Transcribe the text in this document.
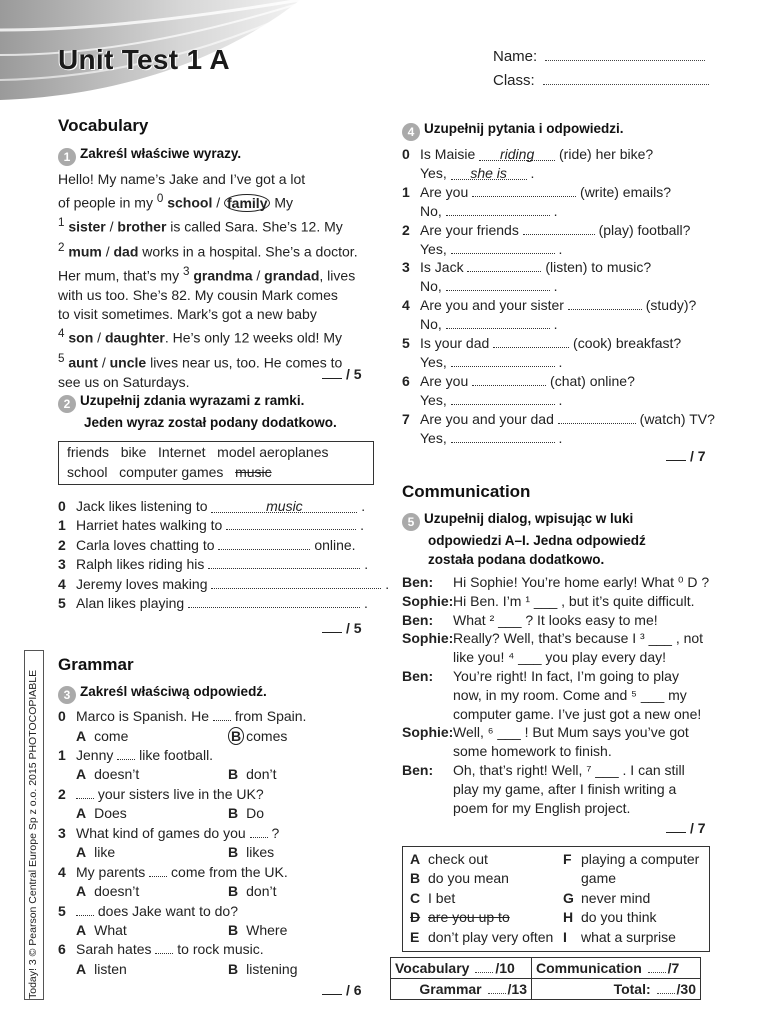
Unit Test 1 A	Name:
Class:
Vocabulary
1 Zakreśl właściwe wyrazy.
Hello! My name’s Jake and I’ve got a lot
of people in my $^0$ school / family My
$^1$ sister / brother is called Sara. She’s 12. My
$^2$ mum / dad works in a hospital. She’s a doctor.
Her mum, that’s my $^3$ grandma / grandad, lives
with us too. She’s 82. My cousin Mark comes
to visit sometimes. Mark’s got a new baby
$^4$ son / daughter. He’s only 12 weeks old! My
$^5$ aunt / uncle lives near us, too. He comes to
see us on Saturdays.	/ 5
2 Uzupełnij zdania wyrazami z ramki.
Jeden wyraz został podany dodatkowo.
friends   bike   Internet   model aeroplanes
school   computer games   music
0 Jack likes listening to	music	.
1 Harriet hates walking to	.
2 Carla loves chatting to	online.
3 Ralph likes riding his	.
4 Jeremy loves making	.
5 Alan likes playing	.
/ 5
Grammar
3 Zakreśl właściwą odpowiedź.
0 Marco is Spanish. He from Spain.
A come	B comes
1 Jenny like football.
A doesn’t	B don’t
2 your sisters live in the UK?
A Does	B Do
3 What kind of games do you ?
A like	B likes
4 My parents come from the UK.
A doesn’t	B don’t
5 does Jake want to do?
A What	B Where
6 Sarah hates to rock music.
A listen	B listening
/ 6
4 Uzupełnij pytania i odpowiedzi.
0 Is Maisie riding (ride) her bike?
Yes, she is .
1 Are you	(write) emails?
No,	.
2 Are your friends	(play) football?
Yes,	.
3 Is Jack	(listen) to music?
No,	.
4 Are you and your sister	(study)?
No,	.
5 Is your dad	(cook) breakfast?
Yes,	.
6 Are you	(chat) online?
Yes,	.
7 Are you and your dad	(watch) TV?
Yes,	.
/ 7
Communication
5 Uzupełnij dialog, wpisując w luki
odpowiedzi A–I. Jedna odpowiedź
została podana dodatkowo.
Ben: Hi Sophie! You’re home early! What ⁰ D ?
Sophie: Hi Ben. I’m ¹ ___ , but it’s quite difficult.
Ben: What ² ___ ? It looks easy to me!
Sophie: Really? Well, that’s because I ³ ___ , not
like you! ⁴ ___ you play every day!
Ben: You’re right! In fact, I’m going to play
now, in my room. Come and ⁵ ___ my
computer game. I’ve just got a new one!
Sophie: Well, ⁶ ___ ! But Mum says you’ve got
some homework to finish.
Ben: Oh, that’s right! Well, ⁷ ___ . I can still
play my game, after I finish writing a
poem for my English project.
/ 7
A check out
B do you mean
C I bet
D are you up to
E don’t play very often
F playing a computer
game
G never mind
H do you think
I what a surprise
Vocabulary /10	Communication /7
Grammar /13	Total: /30
Today! 3 © Pearson Central Europe Sp z o.o. 2015 PHOTOCOPIABLE
